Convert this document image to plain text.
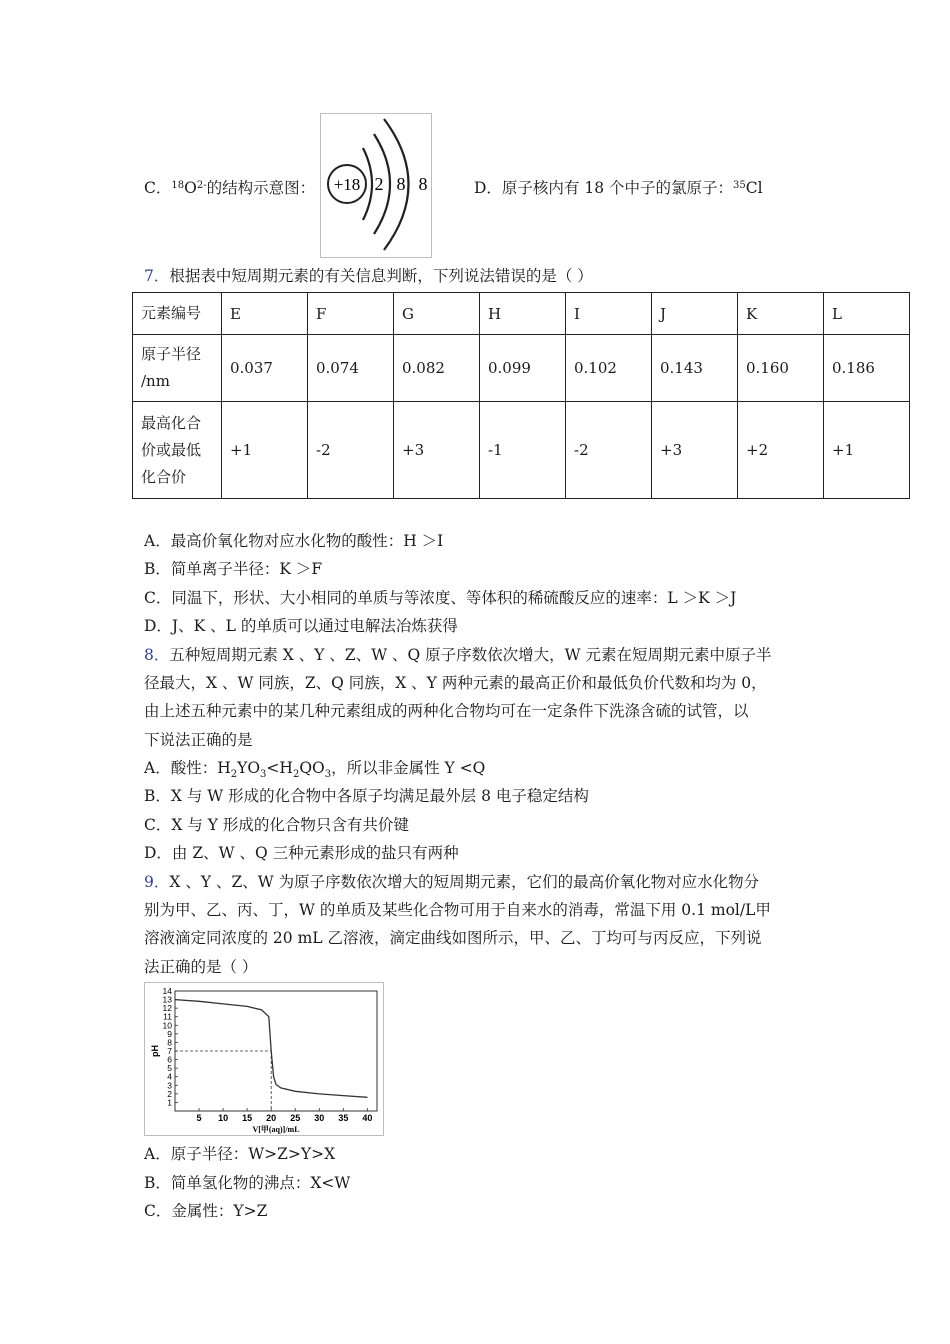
C．$^{18}O^{2-}$的结构示意图： +18 2 8 8	D．原子核内有 18 个中子的氯原子：$^{35}$Cl
7．根据表中短周期元素的有关信息判断，下列说法错误的是（ ）
元素编号	E	F	G	H	I	J	K	L

原子半径
/nm	0.037	0.074	0.082	0.099	0.102	0.143	0.160	0.186

最高化合
价或最低
化合价	+1	-2	+3	-1	-2	+3	+2	+1
A．最高价氧化物对应水化物的酸性：H ＞I
B．简单离子半径：K ＞F
C．同温下，形状、大小相同的单质与等浓度、等体积的稀硫酸反应的速率：L ＞K ＞J
D．J、K 、L 的单质可以通过电解法冶炼获得
8．五种短周期元素 X 、Y 、Z、W 、Q 原子序数依次增大，W 元素在短周期元素中原子半
径最大，X 、W 同族，Z、Q 同族，X 、Y 两种元素的最高正价和最低负价代数和均为 0，
由上述五种元素中的某几种元素组成的两种化合物均可在一定条件下洗涤含硫的试管，以
下说法正确的是
A．酸性：$H_2YO_3<H_2QO_3$，所以非金属性 Y <Q
B．X 与 W 形成的化合物中各原子均满足最外层 8 电子稳定结构
C．X 与 Y 形成的化合物只含有共价键
D．由 Z、W 、Q 三种元素形成的盐只有两种
9．X 、Y 、Z、W 为原子序数依次增大的短周期元素，它们的最高价氧化物对应水化物分
别为甲、乙、丙、丁，W 的单质及某些化合物可用于自来水的消毒，常温下用 0.1 mol/L甲
溶液滴定同浓度的 20 mL 乙溶液，滴定曲线如图所示，甲、乙、丁均可与丙反应，下列说
法正确的是（ ）
1
2
3
4
5
6
7
8
9
10
11
12
13
14
5 10 15 20 25 30 35 40
V[甲(aq)]/mL
pH
A．原子半径：W>Z>Y>X
B．简单氢化物的沸点：X<W
C．金属性：Y>Z
